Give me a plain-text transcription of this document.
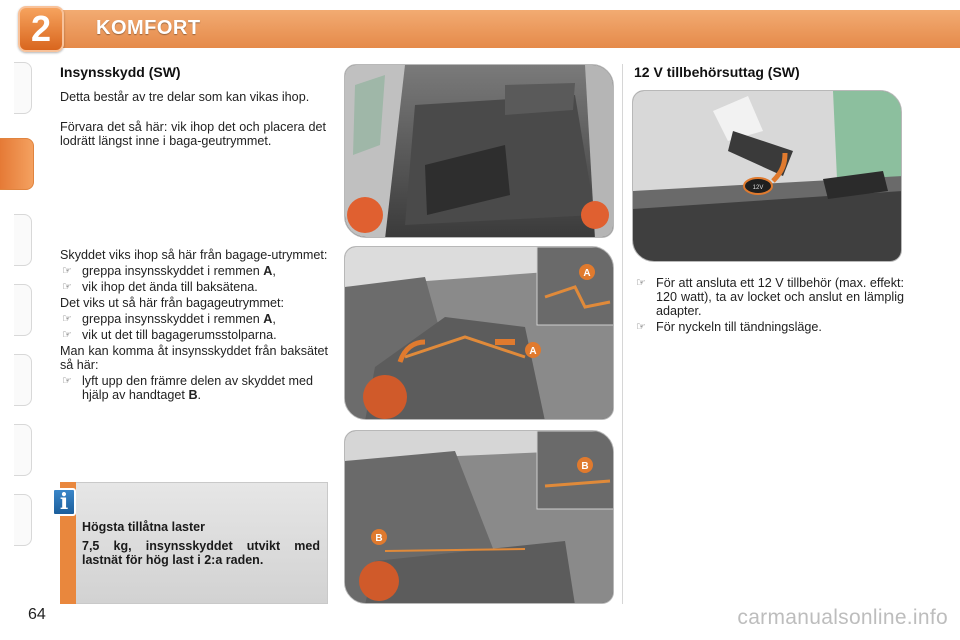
2	KOMFORT
Insynsskydd (SW)
Detta består av tre delar som kan vikas ihop.
Förvara det så här: vik ihop det och placera det lodrätt längst inne i baga-geutrymmet.
Skyddet viks ihop så här från bagage-utrymmet:
☞ greppa insynsskyddet i remmen A,
☞ vik ihop det ända till baksätena.
Det viks ut så här från bagageutrymmet:
☞ greppa insynsskyddet i remmen A,
☞ vik ut det till bagagerumsstolparna.
Man kan komma åt insynsskyddet från baksätet så här:
☞ lyft upp den främre delen av skyddet med hjälp av handtaget B.
i
Högsta tillåtna laster
7,5 kg, insynsskyddet utvikt med lastnät för hög last i 2:a raden.
A
A
B
B
12 V tillbehörsuttag (SW)
12V
☞ För att ansluta ett 12 V tillbehör (max. effekt: 120 watt), ta av locket och anslut en lämplig adapter.
☞ För nyckeln till tändningsläge.
64	carmanualsonline.info
